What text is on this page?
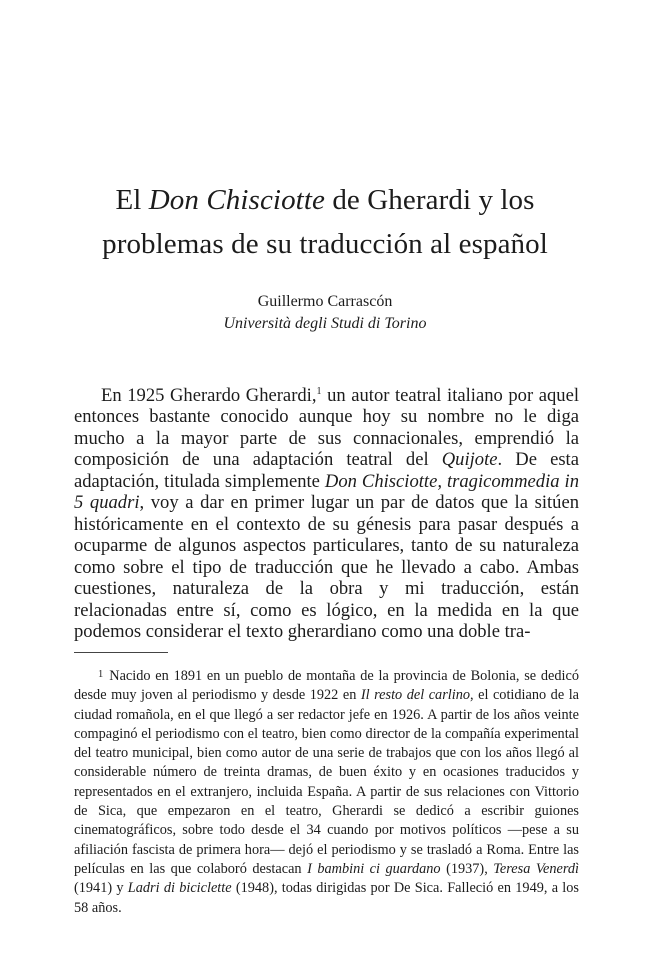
El Don Chisciotte de Gherardi y los
problemas de su traducción al español
Guillermo Carrascón
Università degli Studi di Torino

En 1925 Gherardo Gherardi,$^1$ un autor teatral italiano por aquel entonces bastante conocido aunque hoy su nombre no le diga mucho a la mayor parte de sus connacionales, emprendió la composición de una adaptación teatral del Quijote. De esta adaptación, titulada simplemente Don Chisciotte, tragicommedia in 5 quadri, voy a dar en primer lugar un par de datos que la sitúen históricamente en el contexto de su génesis para pasar después a ocuparme de algunos aspectos particulares, tanto de su naturaleza como sobre el tipo de traducción que he llevado a cabo. Ambas cuestiones, naturaleza de la obra y mi traducción, están relacionadas entre sí, como es lógico, en la medida en la que podemos considerar el texto gherardiano como una doble tra-

$^1$ Nacido en 1891 en un pueblo de montaña de la provincia de Bolonia, se dedicó desde muy joven al periodismo y desde 1922 en Il resto del carlino, el cotidiano de la ciudad romañola, en el que llegó a ser redactor jefe en 1926. A partir de los años veinte compaginó el periodismo con el teatro, bien como director de la compañía experimental del teatro municipal, bien como autor de una serie de trabajos que con los años llegó al considerable número de treinta dramas, de buen éxito y en ocasiones traducidos y representados en el extranjero, incluida España. A partir de sus relaciones con Vittorio de Sica, que empezaron en el teatro, Gherardi se dedicó a escribir guiones cinematográficos, sobre todo desde el 34 cuando por motivos políticos —pese a su afiliación fascista de primera hora— dejó el periodismo y se trasladó a Roma. Entre las películas en las que colaboró destacan I bambini ci guardano (1937), Teresa Venerdì (1941) y Ladri di biciclette (1948), todas dirigidas por De Sica. Falleció en 1949, a los 58 años.
